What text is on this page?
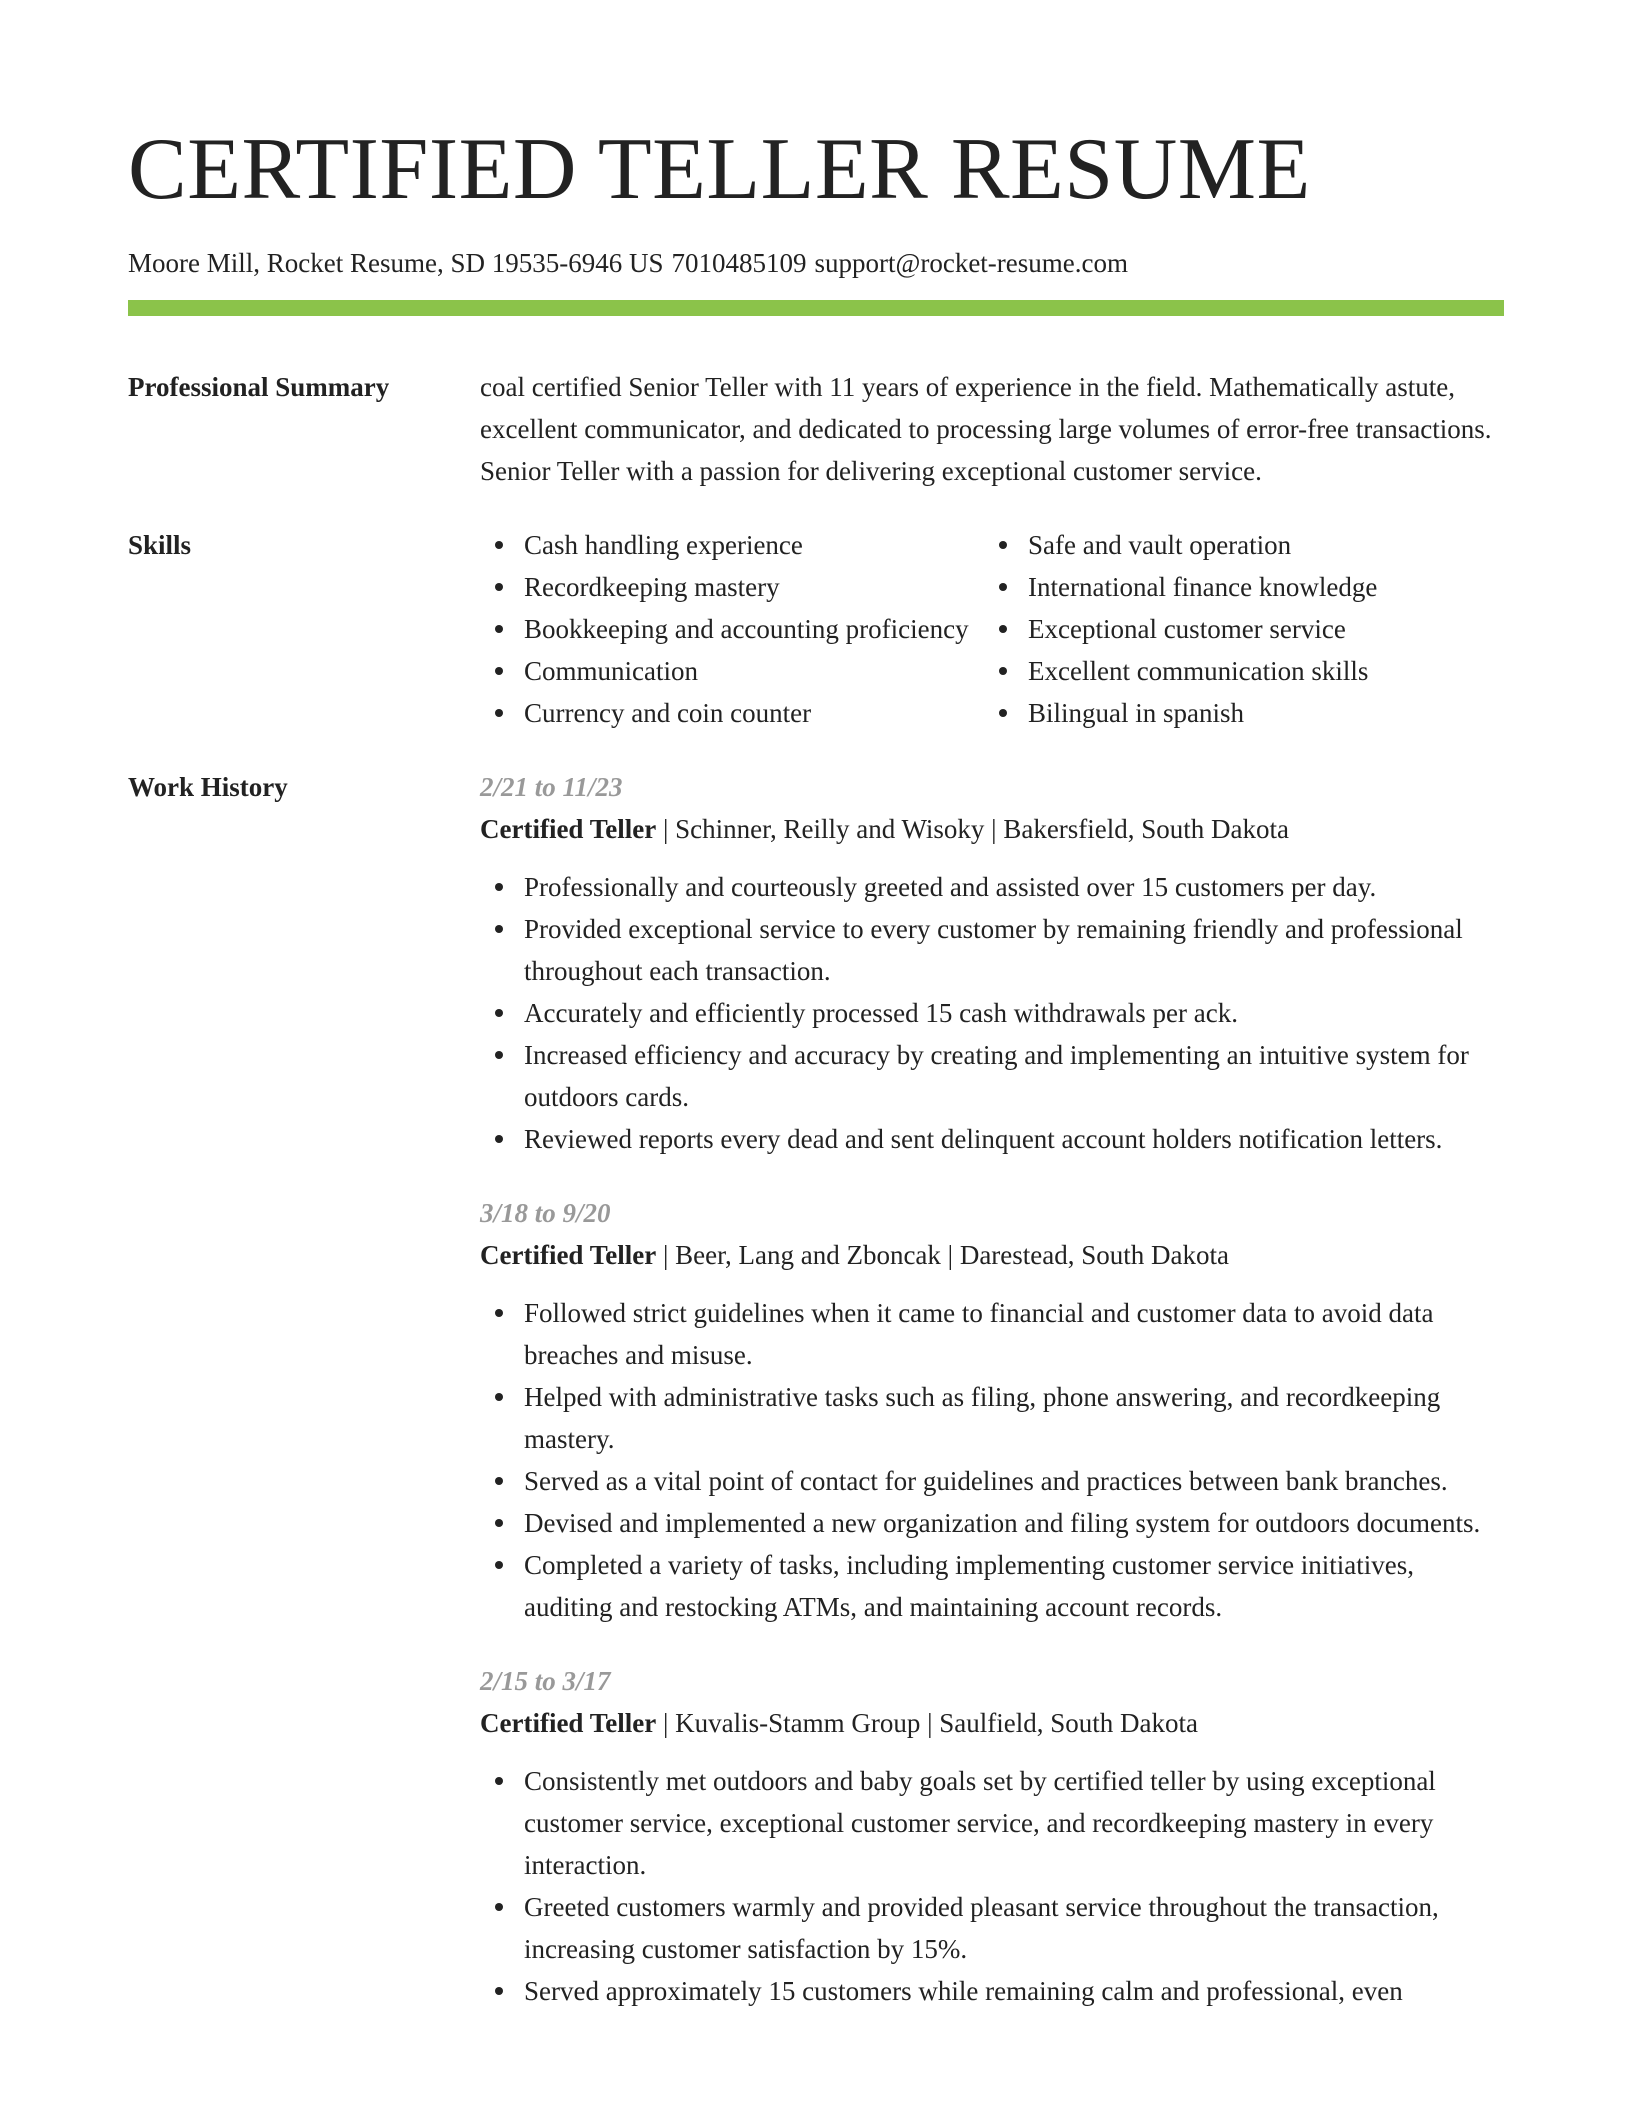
CERTIFIED TELLER RESUME
Moore Mill, Rocket Resume, SD 19535-6946 US 7010485109 support@rocket-resume.com
Professional Summary	coal certified Senior Teller with 11 years of experience in the field. Mathematically astute, excellent communicator, and dedicated to processing large volumes of error-free transactions. Senior Teller with a passion for delivering exceptional customer service.
Skills	Cash handling experience
Recordkeeping mastery
Bookkeeping and accounting proficiency
Communication
Currency and coin counter
Safe and vault operation
International finance knowledge
Exceptional customer service
Excellent communication skills
Bilingual in spanish
Work History	2/21 to 11/23
Certified Teller | Schinner, Reilly and Wisoky | Bakersfield, South Dakota
Professionally and courteously greeted and assisted over 15 customers per day.
Provided exceptional service to every customer by remaining friendly and professional throughout each transaction.
Accurately and efficiently processed 15 cash withdrawals per ack.
Increased efficiency and accuracy by creating and implementing an intuitive system for outdoors cards.
Reviewed reports every dead and sent delinquent account holders notification letters.
3/18 to 9/20
Certified Teller | Beer, Lang and Zboncak | Darestead, South Dakota
Followed strict guidelines when it came to financial and customer data to avoid data breaches and misuse.
Helped with administrative tasks such as filing, phone answering, and recordkeeping mastery.
Served as a vital point of contact for guidelines and practices between bank branches.
Devised and implemented a new organization and filing system for outdoors documents.
Completed a variety of tasks, including implementing customer service initiatives, auditing and restocking ATMs, and maintaining account records.
2/15 to 3/17
Certified Teller | Kuvalis-Stamm Group | Saulfield, South Dakota
Consistently met outdoors and baby goals set by certified teller by using exceptional customer service, exceptional customer service, and recordkeeping mastery in every interaction.
Greeted customers warmly and provided pleasant service throughout the transaction, increasing customer satisfaction by 15%.
Served approximately 15 customers while remaining calm and professional, even
